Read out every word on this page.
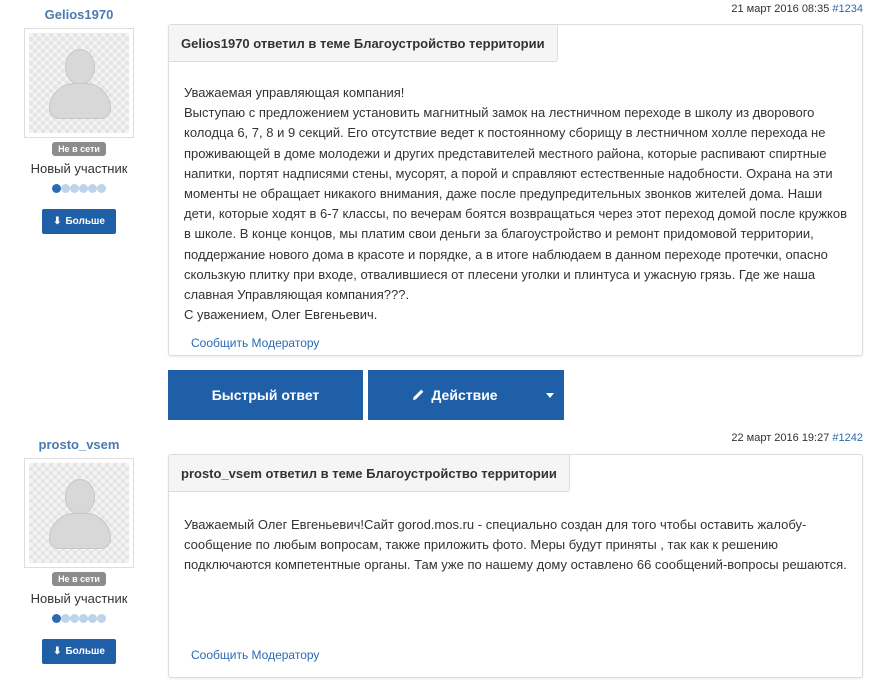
21 март 2016 08:35 #1234
Gelios1970
Не в сети
Новый участник
⬇ Больше
Gelios1970 ответил в теме Благоустройство территории

Уважаемая управляющая компания!

Выступаю с предложением установить магнитный замок на лестничном переходе в школу из дворового колодца 6, 7, 8 и 9 секций. Его отсутствие ведет к постоянному сборищу в лестничном холле перехода не проживающей в доме молодежи и других представителей местного района, которые распивают спиртные напитки, портят надписями стены, мусорят, а порой и справляют естественные надобности. Охрана на эти моменты не обращает никакого внимания, даже после предупредительных звонков жителей дома. Наши дети, которые ходят в 6-7 классы, по вечерам боятся возвращаться через этот переход домой после кружков в школе. В конце концов, мы платим свои деньги за благоустройство и ремонт придомовой территории, поддержание нового дома в красоте и порядке, а в итоге наблюдаем в данном переходе протечки, опасно скользкую плитку при входе, отвалившиеся от плесени уголки и плинтуса и ужасную грязь. Где же наша славная Управляющая компания???.

С уважением, Олег Евгеньевич.

Сообщить Модератору
Быстрый ответ	Действие
22 март 2016 19:27 #1242
prosto_vsem
Не в сети
Новый участник
⬇ Больше
prosto_vsem ответил в теме Благоустройство территории

Уважаемый Олег Евгеньевич!Сайт gorod.mos.ru - специально создан для того чтобы оставить жалобу-сообщение по любым вопросам, также приложить фото. Меры будут приняты , так как к решению подключаются компетентные органы. Там уже по нашему дому оставлено 66 сообщений-вопросы решаются.

Сообщить Модератору
